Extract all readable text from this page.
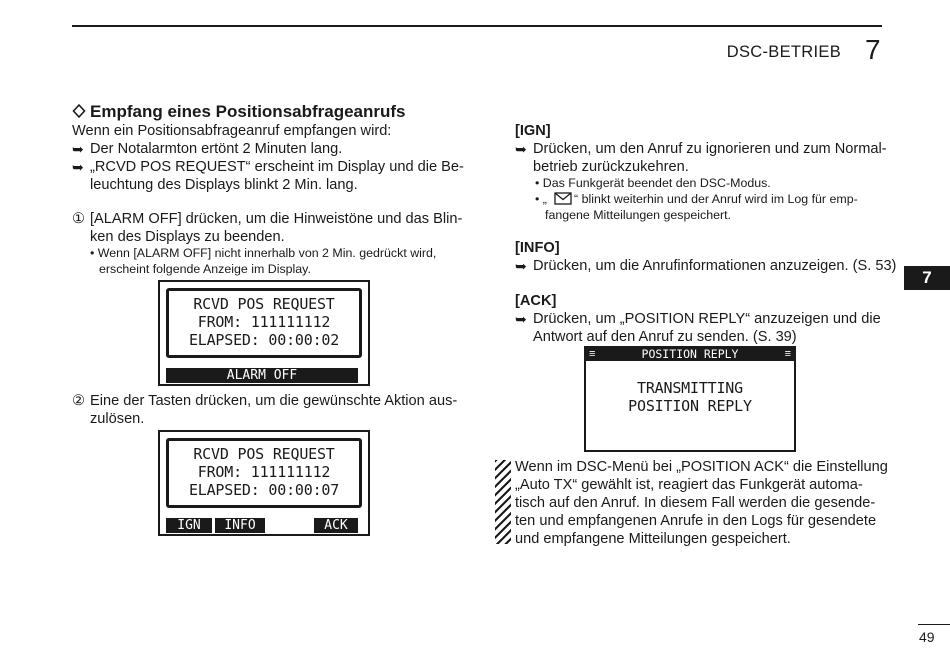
DSC-BETRIEB 7
7
Empfang eines Positionsabfrageanrufs
Wenn ein Positionsabfrageanruf empfangen wird:
➥ Der Notalarmton ertönt 2 Minuten lang.
➥ „RCVD POS REQUEST“ erscheint im Display und die Be-
leuchtung des Displays blinkt 2 Min. lang.
① [ALARM OFF] drücken, um die Hinweistöne und das Blin-
ken des Displays zu beenden.
• Wenn [ALARM OFF] nicht innerhalb von 2 Min. gedrückt wird,
erscheint folgende Anzeige im Display.
RCVD POS REQUEST
FROM: 111111112
ELAPSED: 00:00:02
ALARM OFF
② Eine der Tasten drücken, um die gewünschte Aktion aus-
zulösen.
RCVD POS REQUEST
FROM: 111111112
ELAPSED: 00:00:07
IGN	INFO	ACK
[IGN]
➥ Drücken, um den Anruf zu ignorieren und zum Normal-
betrieb zurückzukehren.
• Das Funkgerät beendet den DSC-Modus.
• „ “ blinkt weiterhin und der Anruf wird im Log für emp-
fangene Mitteilungen gespeichert.
[INFO]
➥ Drücken, um die Anrufinformationen anzuzeigen. (S. 53)
[ACK]
➥ Drücken, um „POSITION REPLY“ anzuzeigen und die
Antwort auf den Anruf zu senden. (S. 39)
≡	POSITION REPLY	≡
TRANSMITTING
POSITION REPLY
Wenn im DSC-Menü bei „POSITION ACK“ die Einstellung
„Auto TX“ gewählt ist, reagiert das Funkgerät automa-
tisch auf den Anruf. In diesem Fall werden die gesende-
ten und empfangenen Anrufe in den Logs für gesendete
und empfangene Mitteilungen gespeichert.
49
